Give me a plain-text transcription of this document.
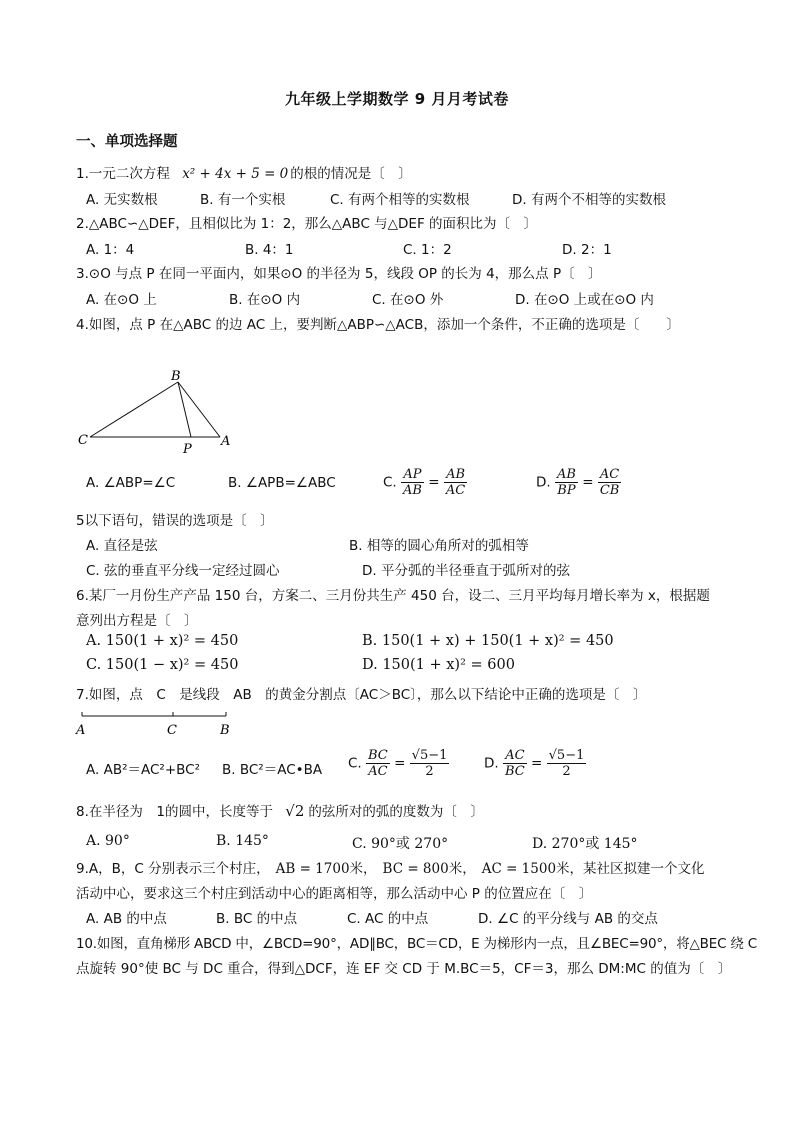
九年级上学期数学 9 月月考试卷
一、单项选择题
1.一元二次方程 x² + 4x + 5 = 0 的根的情况是〔　〕
A. 无实数根	B. 有一个实根	C. 有两个相等的实数根	D. 有两个不相等的实数根
2.△ABC∽△DEF，且相似比为 1：2，那么△ABC 与△DEF 的面积比为〔　〕
A. 1：4	B. 4：1	C. 1：2	D. 2：1
3.⊙O 与点 P 在同一平面内，如果⊙O 的半径为 5，线段 OP 的长为 4，那么点 P〔　〕
A. 在⊙O 上	B. 在⊙O 内	C. 在⊙O 外	D. 在⊙O 上或在⊙O 内
4.如图，点 P 在△ABC 的边 AC 上，要判断△ABP∽△ACB，添加一个条件，不正确的选项是〔　　〕
B
C
P
A
A. ∠ABP=∠C	B. ∠APB=∠ABC	C. $\frac{AP}{AB} = \frac{AB}{AC}$	D. $\frac{AB}{BP} = \frac{AC}{CB}$
5以下语句，错误的选项是〔　〕
A. 直径是弦	B. 相等的圆心角所对的弧相等
C. 弦的垂直平分线一定经过圆心	D. 平分弧的半径垂直于弧所对的弦
6.某厂一月份生产产品 150 台，方案二、三月份共生产 450 台，设二、三月平均每月增长率为 x，根据题
意列出方程是〔　〕
A. 150(1 + x)² = 450	B. 150(1 + x) + 150(1 + x)² = 450
C. 150(1 − x)² = 450	D. 150(1 + x)² = 600
7.如图，点　C　是线段　AB　的黄金分割点〔AC＞BC〕，那么以下结论中正确的选项是〔　〕
A	C	B
A. AB²＝AC²+BC² B. BC²＝AC•BA C. $\frac{BC}{AC} = \frac{√5-1}{2}$	D. $\frac{AC}{BC} = \frac{√5-1}{2}$
8.在半径为　1的圆中，长度等于 √2 的弦所对的弧的度数为〔　〕
A. 90°	B. 145°	C. 90°或 270°	D. 270°或 145°
9.A，B，C 分别表示三个村庄， AB = 1700米， BC = 800米， AC = 1500米，某社区拟建一个文化
活动中心，要求这三个村庄到活动中心的距离相等，那么活动中心 P 的位置应在〔　〕
A. AB 的中点	B. BC 的中点	C. AC 的中点	D. ∠C 的平分线与 AB 的交点
10.如图，直角梯形 ABCD 中，∠BCD=90°，AD∥BC，BC＝CD，E 为梯形内一点，且∠BEC=90°，将△BEC 绕 C
点旋转 90°使 BC 与 DC 重合，得到△DCF，连 EF 交 CD 于 M.BC＝5，CF＝3，那么 DM:MC 的值为〔　〕
